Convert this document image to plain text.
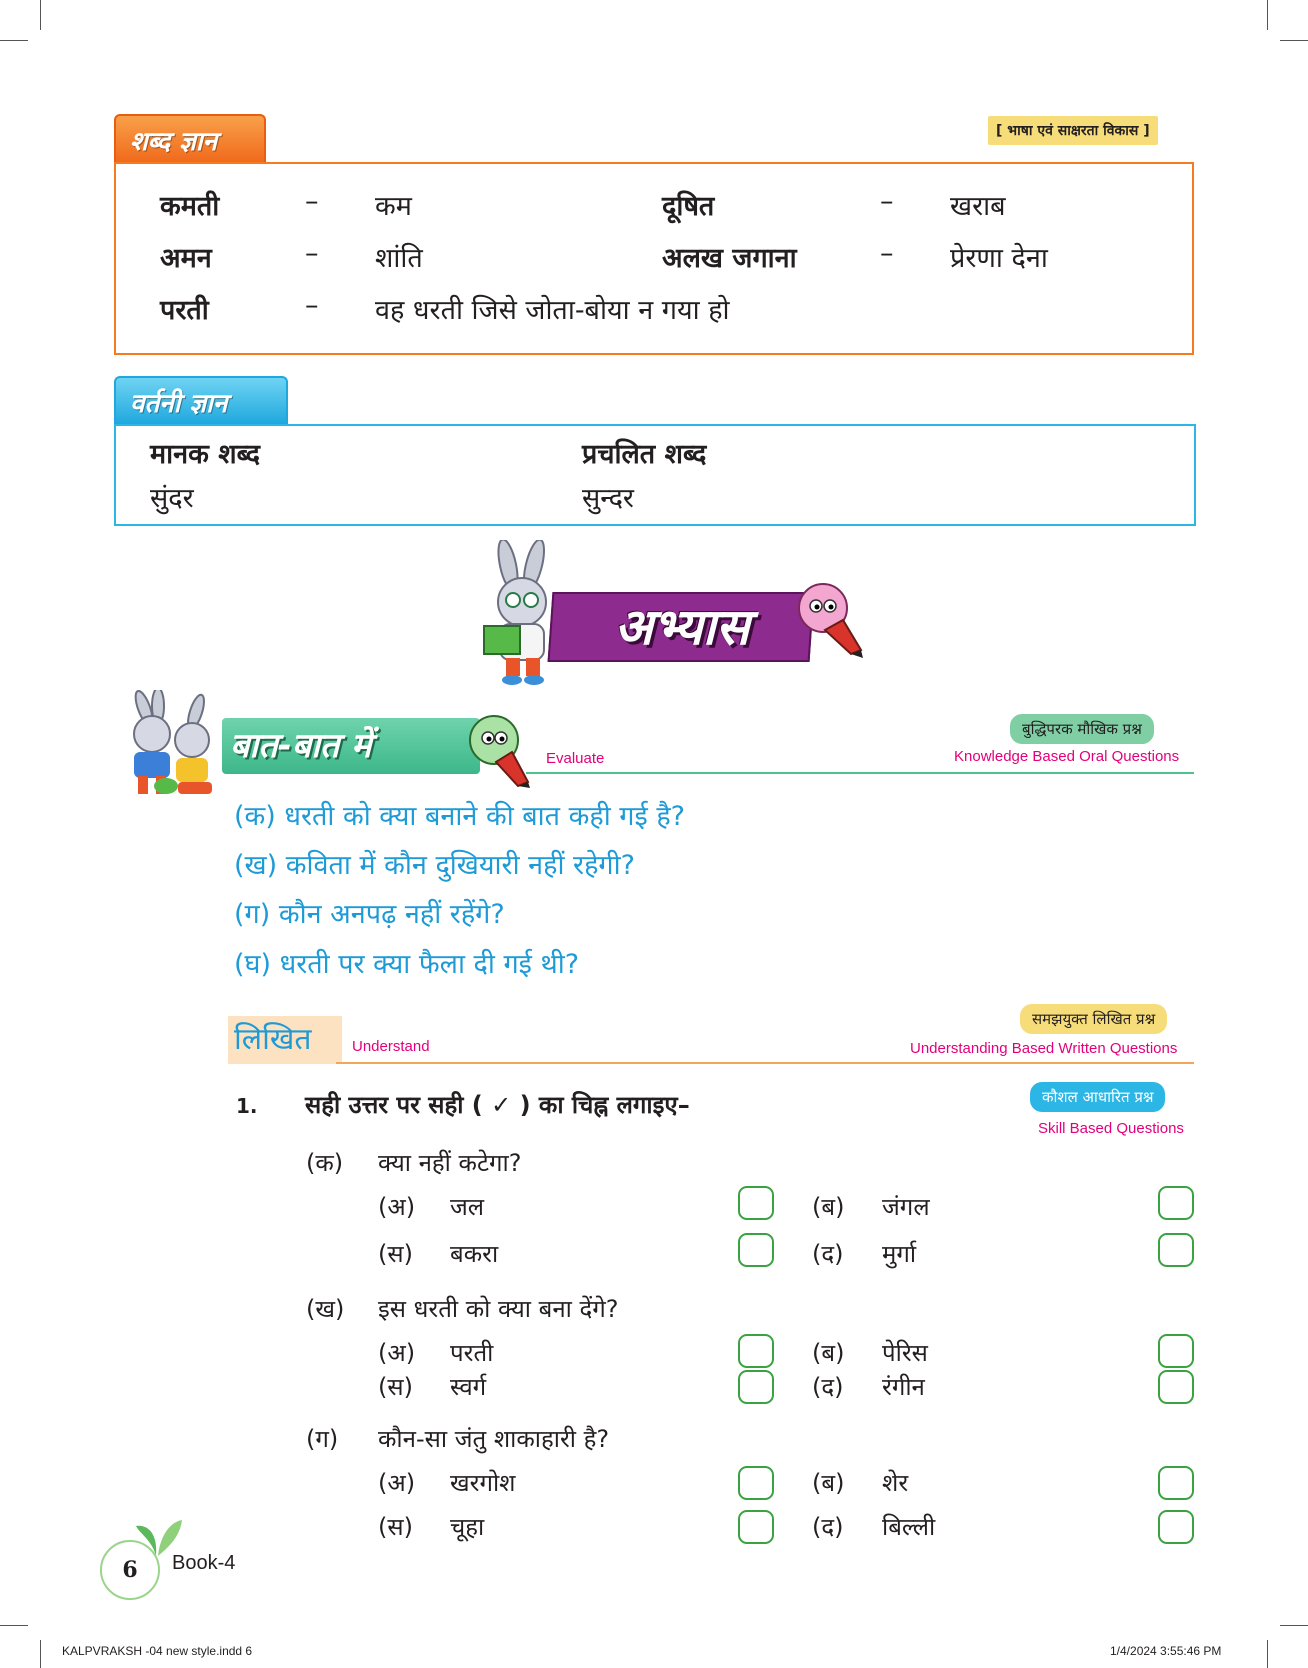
शब्द ज्ञान	[ भाषा एवं साक्षरता विकास ]
कमती	– कम	दूषित	– खराब
अमन	– शांति	अलख जगाना	– प्रेरणा देना
परती	– वह धरती जिसे जोता-बोया न गया हो
वर्तनी ज्ञान
मानक शब्द	प्रचलित शब्द
सुंदर	सुन्दर
अभ्यास
बात-बात में	Evaluate
बुद्धिपरक मौखिक प्रश्न
Knowledge Based Oral Questions
(क) धरती को क्या बनाने की बात कही गई है?
(ख) कविता में कौन दुखियारी नहीं रहेगी?
(ग) कौन अनपढ़ नहीं रहेंगे?
(घ) धरती पर क्या फैला दी गई थी?
लिखित	Understand
समझयुक्त लिखित प्रश्न
Understanding Based Written Questions
1. सही उत्तर पर सही ( ✓ ) का चिह्न लगाइए–	कौशल आधारित प्रश्न
Skill Based Questions
(क) क्या नहीं कटेगा?
(अ) जल	(ब) जंगल
(स) बकरा	(द) मुर्गा
(ख) इस धरती को क्या बना देंगे?
(अ) परती	(ब) पेरिस
(स) स्वर्ग	(द) रंगीन
(ग) कौन-सा जंतु शाकाहारी है?
(अ) खरगोश	(ब) शेर
(स) चूहा	(द) बिल्ली
6	Book-4
KALPVRAKSH -04 new style.indd 6	1/4/2024 3:55:46 PM
